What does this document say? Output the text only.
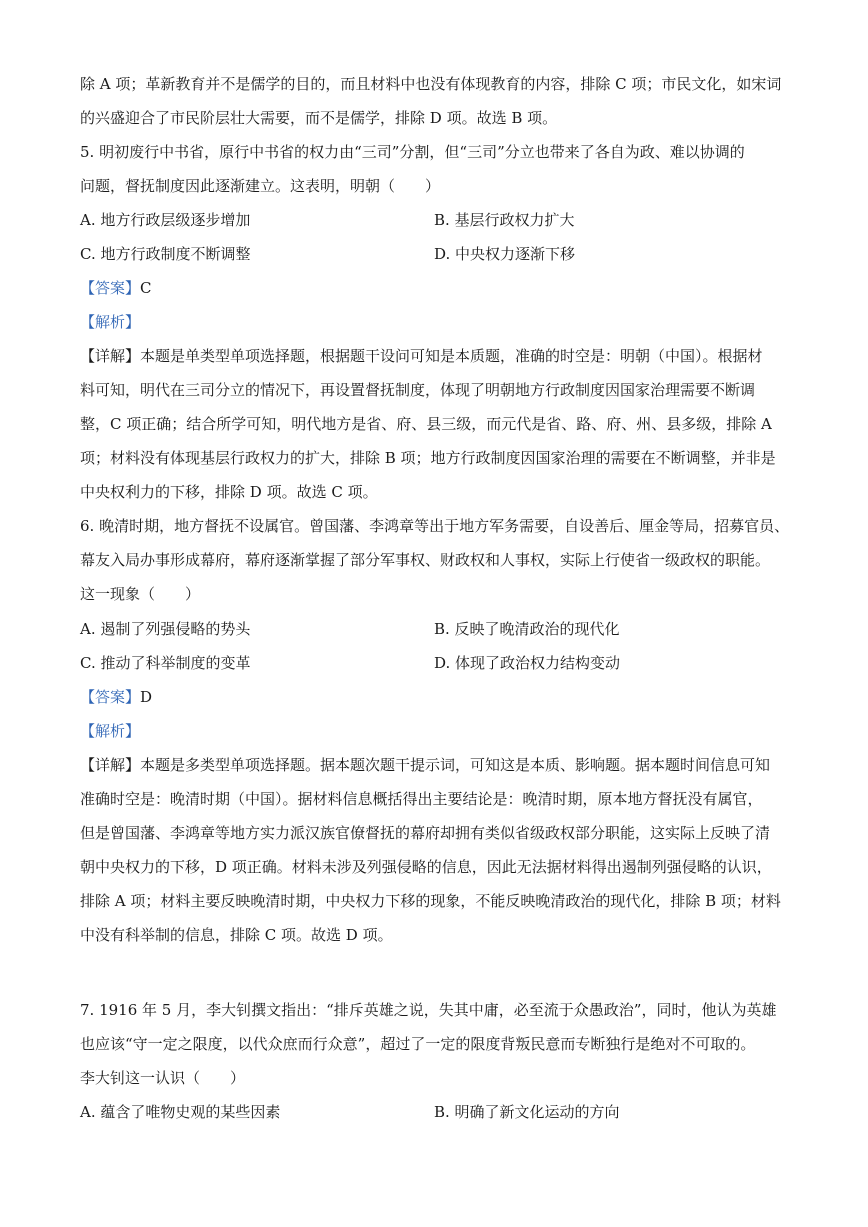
除 A 项；革新教育并不是儒学的目的，而且材料中也没有体现教育的内容，排除 C 项；市民文化，如宋词
的兴盛迎合了市民阶层壮大需要，而不是儒学，排除 D 项。故选 B 项。
5. 明初废行中书省，原行中书省的权力由“三司”分割，但“三司”分立也带来了各自为政、难以协调的
问题，督抚制度因此逐渐建立。这表明，明朝（　　）
A. 地方行政层级逐步增加	B. 基层行政权力扩大
C. 地方行政制度不断调整	D. 中央权力逐渐下移
【答案】C
【解析】
【详解】本题是单类型单项选择题，根据题干设问可知是本质题，准确的时空是：明朝（中国）。根据材
料可知，明代在三司分立的情况下，再设置督抚制度，体现了明朝地方行政制度因国家治理需要不断调
整，C 项正确；结合所学可知，明代地方是省、府、县三级，而元代是省、路、府、州、县多级，排除 A
项；材料没有体现基层行政权力的扩大，排除 B 项；地方行政制度因国家治理的需要在不断调整，并非是
中央权利力的下移，排除 D 项。故选 C 项。
6. 晚清时期，地方督抚不设属官。曾国藩、李鸿章等出于地方军务需要，自设善后、厘金等局，招募官员、
幕友入局办事形成幕府，幕府逐渐掌握了部分军事权、财政权和人事权，实际上行使省一级政权的职能。
这一现象（　　）
A. 遏制了列强侵略的势头	B. 反映了晚清政治的现代化
C. 推动了科举制度的变革	D. 体现了政治权力结构变动
【答案】D
【解析】
【详解】本题是多类型单项选择题。据本题次题干提示词，可知这是本质、影响题。据本题时间信息可知
准确时空是：晚清时期（中国）。据材料信息概括得出主要结论是：晚清时期，原本地方督抚没有属官，
但是曾国藩、李鸿章等地方实力派汉族官僚督抚的幕府却拥有类似省级政权部分职能，这实际上反映了清
朝中央权力的下移，D 项正确。材料未涉及列强侵略的信息，因此无法据材料得出遏制列强侵略的认识，
排除 A 项；材料主要反映晚清时期，中央权力下移的现象，不能反映晚清政治的现代化，排除 B 项；材料
中没有科举制的信息，排除 C 项。故选 D 项。
7. 1916 年 5 月，李大钊撰文指出：“排斥英雄之说，失其中庸，必至流于众愚政治”，同时，他认为英雄
也应该“守一定之限度，以代众庶而行众意”，超过了一定的限度背叛民意而专断独行是绝对不可取的。
李大钊这一认识（　　）
A. 蕴含了唯物史观的某些因素	B. 明确了新文化运动的方向
